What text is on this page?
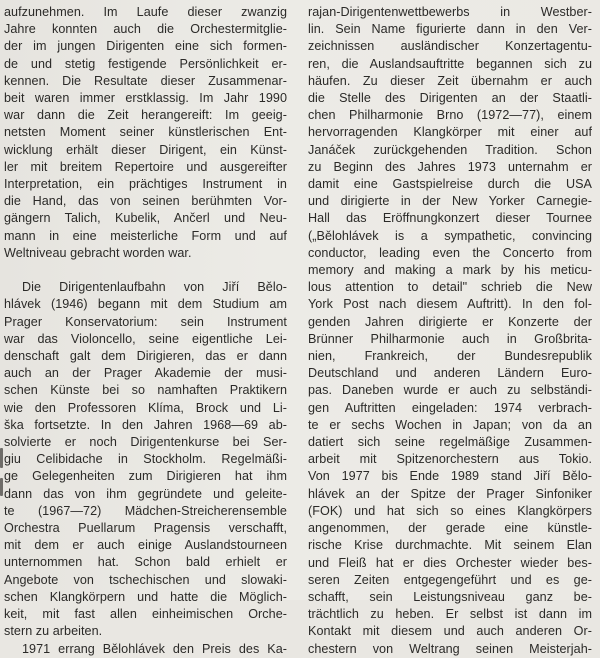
aufzunehmen. Im Laufe dieser zwanzig
Jahre konnten auch die Orchestermitglie-
der im jungen Dirigenten eine sich formen-
de und stetig festigende Persönlichkeit er-
kennen. Die Resultate dieser Zusammenar-
beit waren immer erstklassig. Im Jahr 1990
war dann die Zeit herangereift: Im geeig-
netsten Moment seiner künstlerischen Ent-
wicklung erhält dieser Dirigent, ein Künst-
ler mit breitem Repertoire und ausgereifter
Interpretation, ein prächtiges Instrument in
die Hand, das von seinen berühmten Vor-
gängern Talich, Kubelik, Ančerl und Neu-
mann in eine meisterliche Form und auf
Weltniveau gebracht worden war.
Die Dirigentenlaufbahn von Jiří Bělo-
hlávek (1946) begann mit dem Studium am
Prager Konservatorium: sein Instrument
war das Violoncello, seine eigentliche Lei-
denschaft galt dem Dirigieren, das er dann
auch an der Prager Akademie der musi-
schen Künste bei so namhaften Praktikern
wie den Professoren Klíma, Brock und Li-
ška fortsetzte. In den Jahren 1968—69 ab-
solvierte er noch Dirigentenkurse bei Ser-
giu Celibidache in Stockholm. Regelmäßi-
ge Gelegenheiten zum Dirigieren hat ihm
dann das von ihm gegründete und geleite-
te (1967—72) Mädchen-Streicherensemble
Orchestra Puellarum Pragensis verschafft,
mit dem er auch einige Auslandstourneen
unternommen hat. Schon bald erhielt er
Angebote von tschechischen und slowaki-
schen Klangkörpern und hatte die Möglich-
keit, mit fast allen einheimischen Orche-
stern zu arbeiten.
1971 errang Bělohlávek den Preis des Ka-
rajan-Dirigentenwettbewerbs in Westber-
lin. Sein Name figurierte dann in den Ver-
zeichnissen ausländischer Konzertagentu-
ren, die Auslandsauftritte begannen sich zu
häufen. Zu dieser Zeit übernahm er auch
die Stelle des Dirigenten an der Staatli-
chen Philharmonie Brno (1972—77), einem
hervorragenden Klangkörper mit einer auf
Janáček zurückgehenden Tradition. Schon
zu Beginn des Jahres 1973 unternahm er
damit eine Gastspielreise durch die USA
und dirigierte in der New Yorker Carnegie-
Hall das Eröffnungkonzert dieser Tournee
(„Bělohlávek is a sympathetic, convincing
conductor, leading even the Concerto from
memory and making a mark by his meticu-
lous attention to detail" schrieb die New
York Post nach diesem Auftritt). In den fol-
genden Jahren dirigierte er Konzerte der
Brünner Philharmonie auch in Großbrita-
nien, Frankreich, der Bundesrepublik
Deutschland und anderen Ländern Euro-
pas. Daneben wurde er auch zu selbständi-
gen Auftritten eingeladen: 1974 verbrach-
te er sechs Wochen in Japan; von da an
datiert sich seine regelmäßige Zusammen-
arbeit mit Spitzenorchestern aus Tokio.
Von 1977 bis Ende 1989 stand Jiří Bělo-
hlávek an der Spitze der Prager Sinfoniker
(FOK) und hat sich so eines Klangkörpers
angenommen, der gerade eine künstle-
rische Krise durchmachte. Mit seinem Elan
und Fleiß hat er dies Orchester wieder bes-
seren Zeiten entgegengeführt und es ge-
schafft, sein Leistungsniveau ganz be-
trächtlich zu heben. Er selbst ist dann im
Kontakt mit diesem und auch anderen Or-
chestern von Weltrang seinen Meisterjah-
